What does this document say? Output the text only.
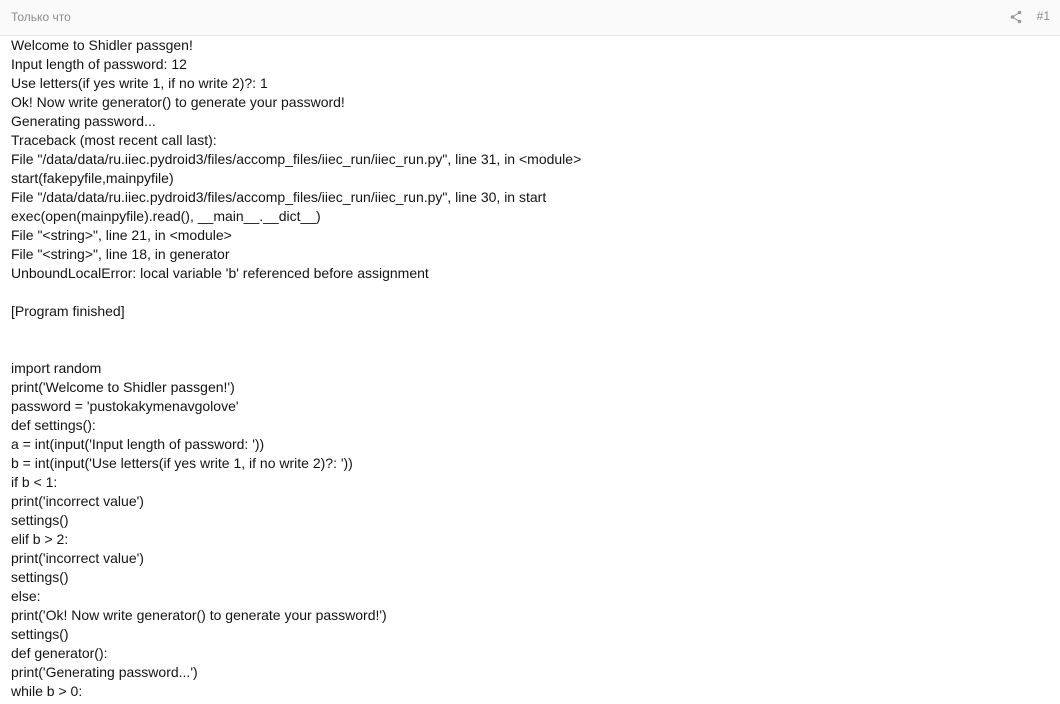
Только что	#1
Welcome to Shidler passgen!
Input length of password: 12
Use letters(if yes write 1, if no write 2)?: 1
Ok! Now write generator() to generate your password!
Generating password...
Traceback (most recent call last):
File "/data/data/ru.iiec.pydroid3/files/accomp_files/iiec_run/iiec_run.py", line 31, in <module>
start(fakepyfile,mainpyfile)
File "/data/data/ru.iiec.pydroid3/files/accomp_files/iiec_run/iiec_run.py", line 30, in start
exec(open(mainpyfile).read(), __main__.__dict__)
File "<string>", line 21, in <module>
File "<string>", line 18, in generator
UnboundLocalError: local variable 'b' referenced before assignment
[Program finished]
import random
print('Welcome to Shidler passgen!')
password = 'pustokakymenavgolove'
def settings():
a = int(input('Input length of password: '))
b = int(input('Use letters(if yes write 1, if no write 2)?: '))
if b < 1:
print('incorrect value')
settings()
elif b > 2:
print('incorrect value')
settings()
else:
print('Ok! Now write generator() to generate your password!')
settings()
def generator():
print('Generating password...')
while b > 0:
